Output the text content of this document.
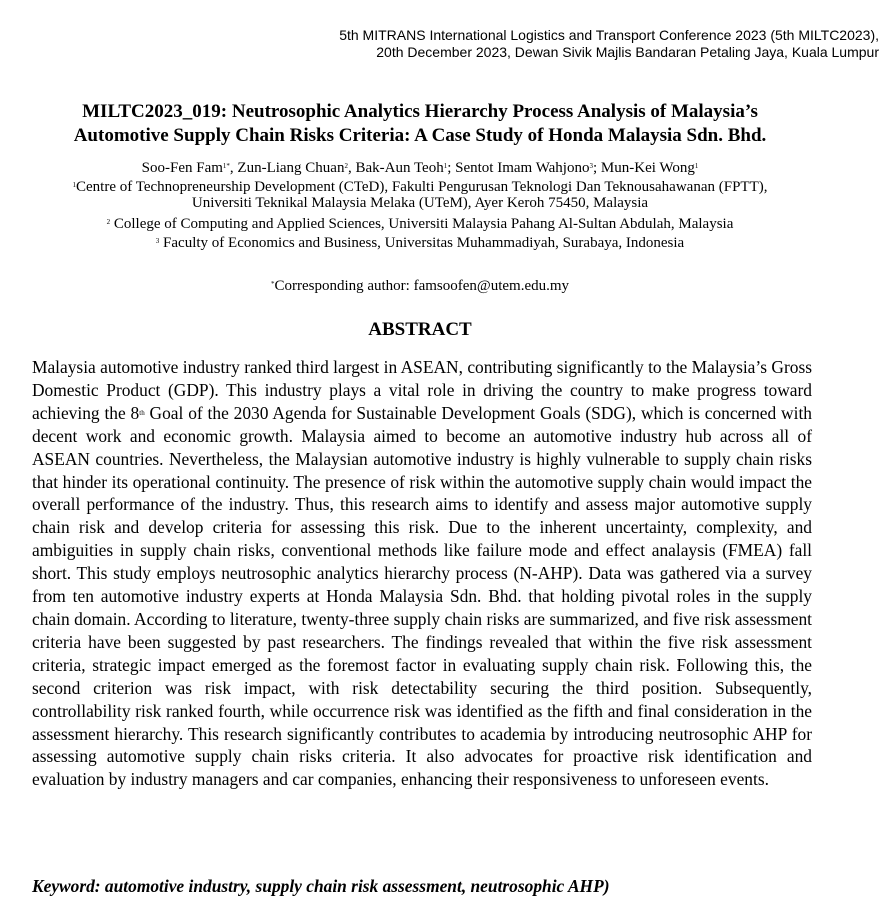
5th MITRANS International Logistics and Transport Conference 2023 (5th MILTC2023),
20th December 2023, Dewan Sivik Majlis Bandaran Petaling Jaya, Kuala Lumpur
MILTC2023_019: Neutrosophic Analytics Hierarchy Process Analysis of Malaysia’s
Automotive Supply Chain Risks Criteria: A Case Study of Honda Malaysia Sdn. Bhd.
Soo-Fen Fam$^{1*}$, Zun-Liang Chuan$^2$, Bak-Aun Teoh$^1$; Sentot Imam Wahjono$^3$; Mun-Kei Wong$^1$
$^1$Centre of Technopreneurship Development (CTeD), Fakulti Pengurusan Teknologi Dan Teknousahawanan (FPTT),
Universiti Teknikal Malaysia Melaka (UTeM), Ayer Keroh 75450, Malaysia
$^2$ College of Computing and Applied Sciences, Universiti Malaysia Pahang Al-Sultan Abdulah, Malaysia
$^3$ Faculty of Economics and Business, Universitas Muhammadiyah, Surabaya, Indonesia
*Corresponding author: famsoofen@utem.edu.my
ABSTRACT
Malaysia automotive industry ranked third largest in ASEAN, contributing significantly to the Malaysia’s Gross Domestic Product (GDP). This industry plays a vital role in driving the country to make progress toward achieving the 8th Goal of the 2030 Agenda for Sustainable Development Goals (SDG), which is concerned with decent work and economic growth. Malaysia aimed to become an automotive industry hub across all of ASEAN countries. Nevertheless, the Malaysian automotive industry is highly vulnerable to supply chain risks that hinder its operational continuity. The presence of risk within the automotive supply chain would impact the overall performance of the industry. Thus, this research aims to identify and assess major automotive supply chain risk and develop criteria for assessing this risk. Due to the inherent uncertainty, complexity, and ambiguities in supply chain risks, conventional methods like failure mode and effect analaysis (FMEA) fall short. This study employs neutrosophic analytics hierarchy process (N-AHP). Data was gathered via a survey from ten automotive industry experts at Honda Malaysia Sdn. Bhd. that holding pivotal roles in the supply chain domain. According to literature, twenty-three supply chain risks are summarized, and five risk assessment criteria have been suggested by past researchers. The findings revealed that within the five risk assessment criteria, strategic impact emerged as the foremost factor in evaluating supply chain risk. Following this, the second criterion was risk impact, with risk detectability securing the third position. Subsequently, controllability risk ranked fourth, while occurrence risk was identified as the fifth and final consideration in the assessment hierarchy. This research significantly contributes to academia by introducing neutrosophic AHP for assessing automotive supply chain risks criteria. It also advocates for proactive risk identification and evaluation by industry managers and car companies, enhancing their responsiveness to unforeseen events.
Keyword: automotive industry, supply chain risk assessment, neutrosophic AHP)
